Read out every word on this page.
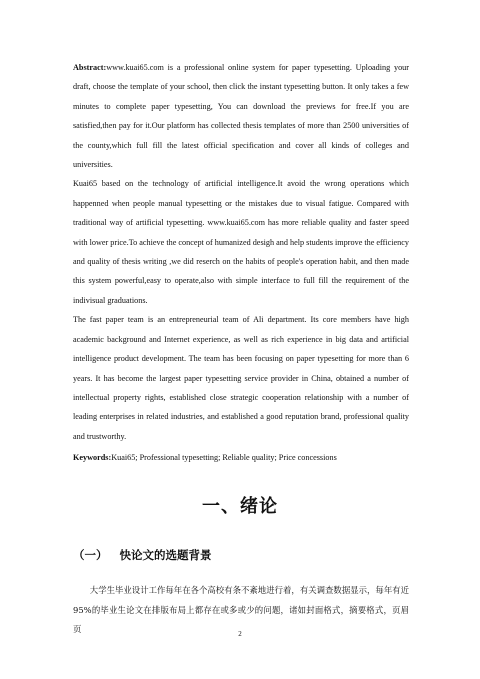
Abstract:www.kuai65.com is a professional online system for paper typesetting. Uploading your draft, choose the template of your school, then click the instant typesetting button. It only takes a few minutes to complete paper typesetting, You can download the previews for free.If you are satisfied,then pay for it.Our platform has collected thesis templates of more than 2500 universities of the county,which full fill the latest official specification and cover all kinds of colleges and universities.

Kuai65 based on the technology of artificial intelligence.It avoid the wrong operations which happenned when people manual typesetting or the mistakes due to visual fatigue. Compared with traditional way of artificial typesetting. www.kuai65.com has more reliable quality and faster speed with lower price.To achieve the concept of humanized desigh and help students improve the efficiency and quality of thesis writing ,we did reserch on the habits of people's operation habit, and then made this system powerful,easy to operate,also with simple interface to full fill the requirement of the indivisual graduations.

The fast paper team is an entrepreneurial team of Ali department. Its core members have high academic background and Internet experience, as well as rich experience in big data and artificial intelligence product development. The team has been focusing on paper typesetting for more than 6 years. It has become the largest paper typesetting service provider in China, obtained a number of intellectual property rights, established close strategic cooperation relationship with a number of leading enterprises in related industries, and established a good reputation brand, professional quality and trustworthy.

Keywords:Kuai65; Professional typesetting; Reliable quality; Price concessions

一、绪论
（一） 快论文的选题背景

大学生毕业设计工作每年在各个高校有条不紊地进行着，有关调查数据显示，每年有近95%的毕业生论文在排版布局上都存在或多或少的问题，诸如封面格式，摘要格式，页眉页	2
